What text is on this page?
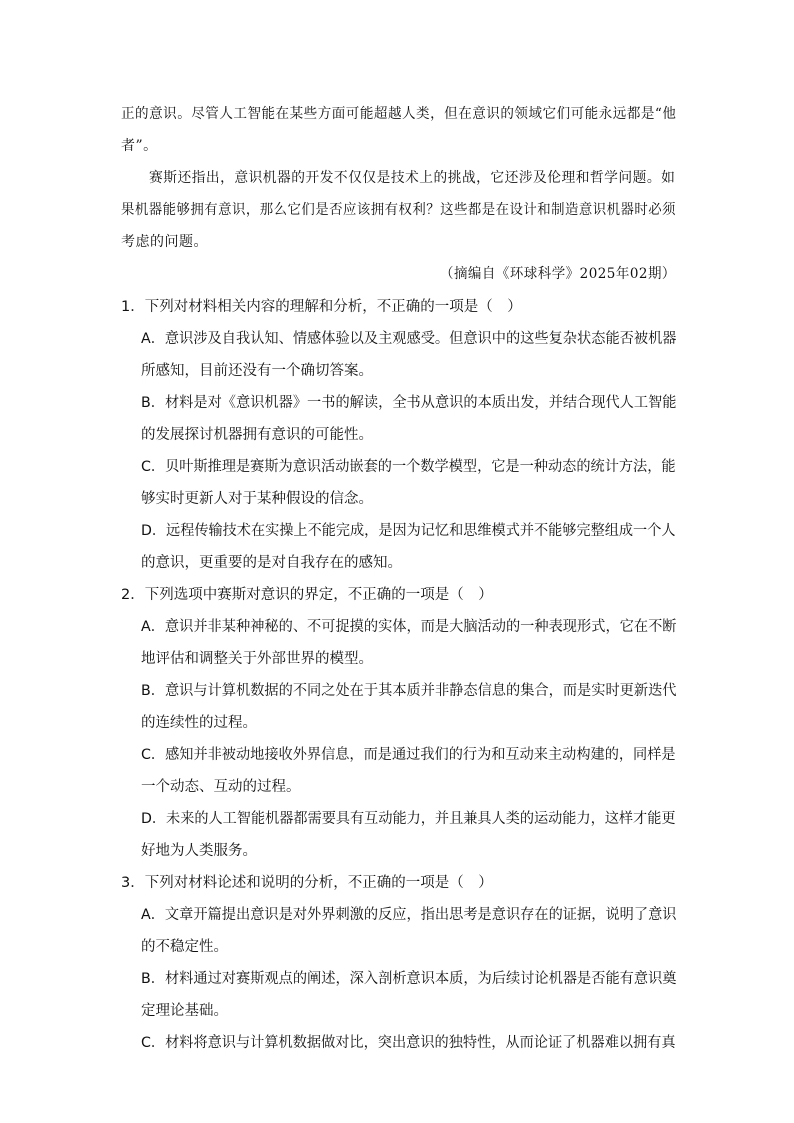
正的意识。尽管人工智能在某些方面可能超越人类，但在意识的领域它们可能永远都是“他
者”。
赛斯还指出，意识机器的开发不仅仅是技术上的挑战，它还涉及伦理和哲学问题。如
果机器能够拥有意识，那么它们是否应该拥有权利？这些都是在设计和制造意识机器时必须
考虑的问题。
（摘编自《环球科学》2025年02期）
1．下列对材料相关内容的理解和分析，不正确的一项是（　）
A．意识涉及自我认知、情感体验以及主观感受。但意识中的这些复杂状态能否被机器
所感知，目前还没有一个确切答案。
B．材料是对《意识机器》一书的解读，全书从意识的本质出发，并结合现代人工智能
的发展探讨机器拥有意识的可能性。
C．贝叶斯推理是赛斯为意识活动嵌套的一个数学模型，它是一种动态的统计方法，能
够实时更新人对于某种假设的信念。
D．远程传输技术在实操上不能完成，是因为记忆和思维模式并不能够完整组成一个人
的意识，更重要的是对自我存在的感知。
2．下列选项中赛斯对意识的界定，不正确的一项是（　）
A．意识并非某种神秘的、不可捉摸的实体，而是大脑活动的一种表现形式，它在不断
地评估和调整关于外部世界的模型。
B．意识与计算机数据的不同之处在于其本质并非静态信息的集合，而是实时更新迭代
的连续性的过程。
C．感知并非被动地接收外界信息，而是通过我们的行为和互动来主动构建的，同样是
一个动态、互动的过程。
D．未来的人工智能机器都需要具有互动能力，并且兼具人类的运动能力，这样才能更
好地为人类服务。
3．下列对材料论述和说明的分析，不正确的一项是（　）
A．文章开篇提出意识是对外界刺激的反应，指出思考是意识存在的证据，说明了意识
的不稳定性。
B．材料通过对赛斯观点的阐述，深入剖析意识本质，为后续讨论机器是否能有意识奠
定理论基础。
C．材料将意识与计算机数据做对比，突出意识的独特性，从而论证了机器难以拥有真
